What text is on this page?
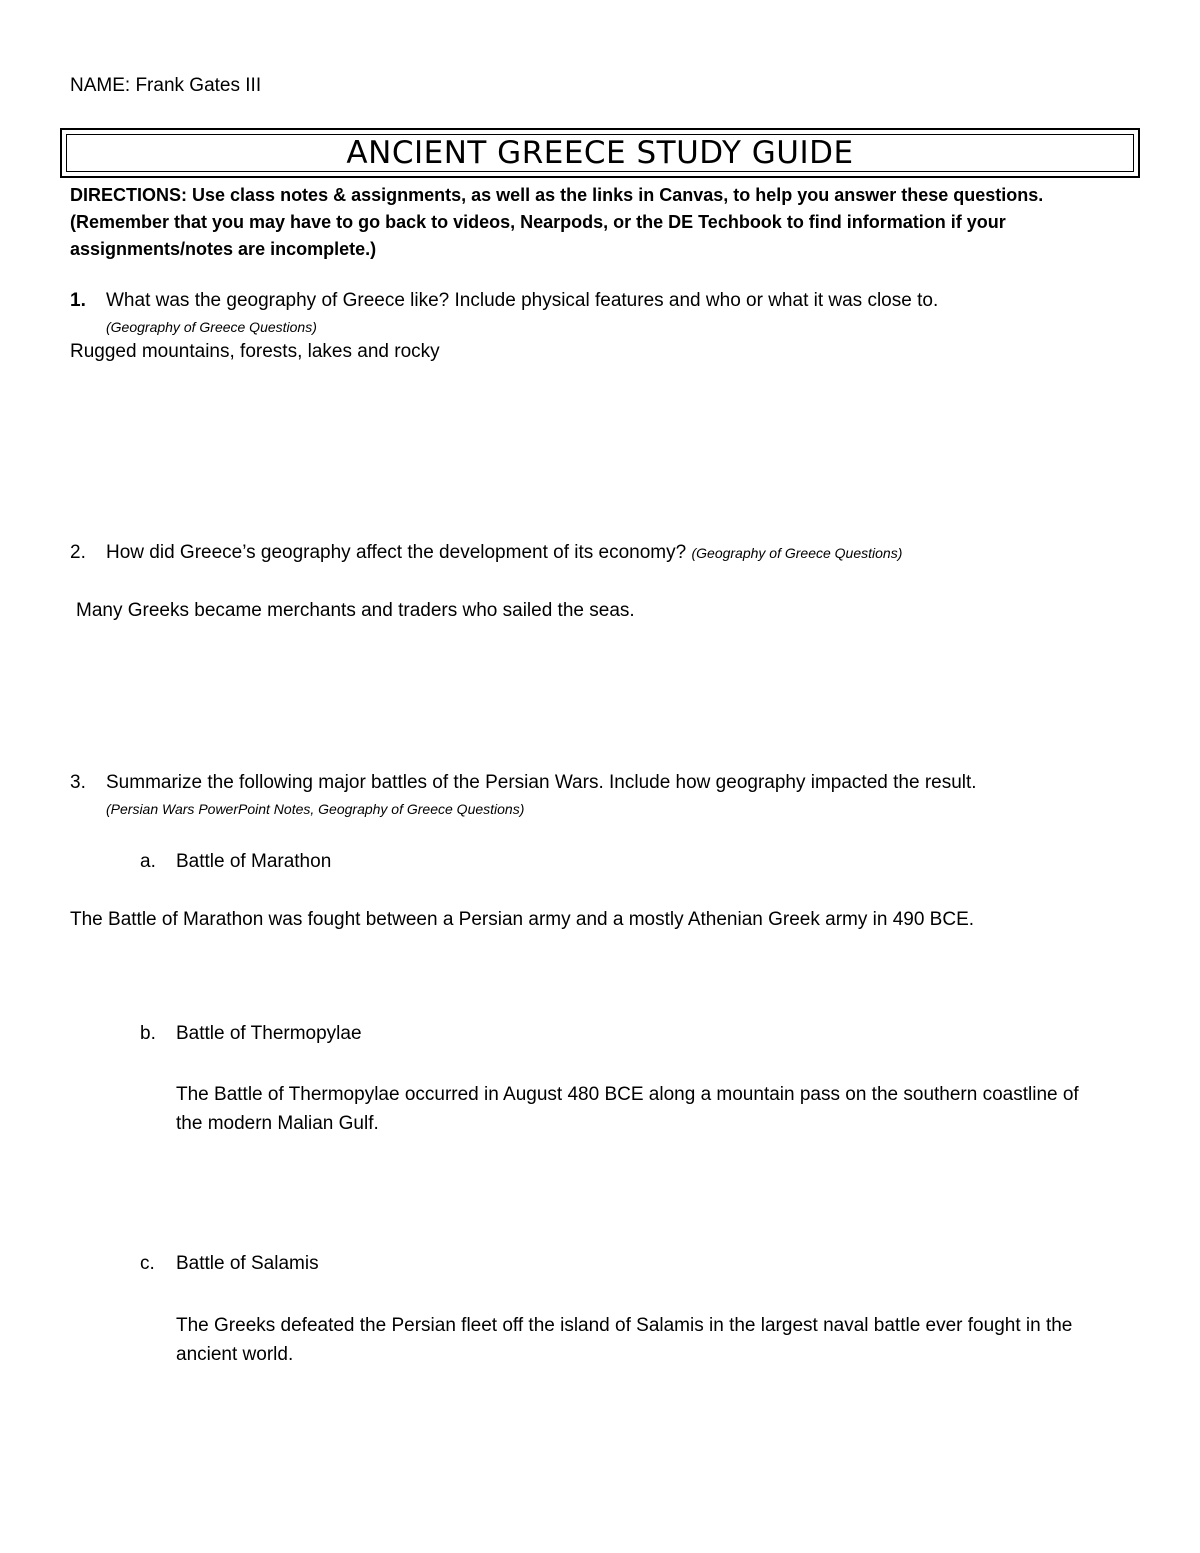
NAME: Frank Gates III
ANCIENT GREECE STUDY GUIDE
DIRECTIONS: Use class notes & assignments, as well as the links in Canvas, to help you answer these questions. (Remember that you may have to go back to videos, Nearpods, or the DE Techbook to find information if your assignments/notes are incomplete.)
1. What was the geography of Greece like? Include physical features and who or what it was close to.
(Geography of Greece Questions)
Rugged mountains, forests, lakes and rocky
2. How did Greece’s geography affect the development of its economy? (Geography of Greece Questions)
Many Greeks became merchants and traders who sailed the seas.
3. Summarize the following major battles of the Persian Wars. Include how geography impacted the result.
(Persian Wars PowerPoint Notes, Geography of Greece Questions)
a. Battle of Marathon
The Battle of Marathon was fought between a Persian army and a mostly Athenian Greek army in 490 BCE.
b. Battle of Thermopylae
The Battle of Thermopylae occurred in August 480 BCE along a mountain pass on the southern coastline of the modern Malian Gulf.
c. Battle of Salamis
The Greeks defeated the Persian fleet off the island of Salamis in the largest naval battle ever fought in the ancient world.
